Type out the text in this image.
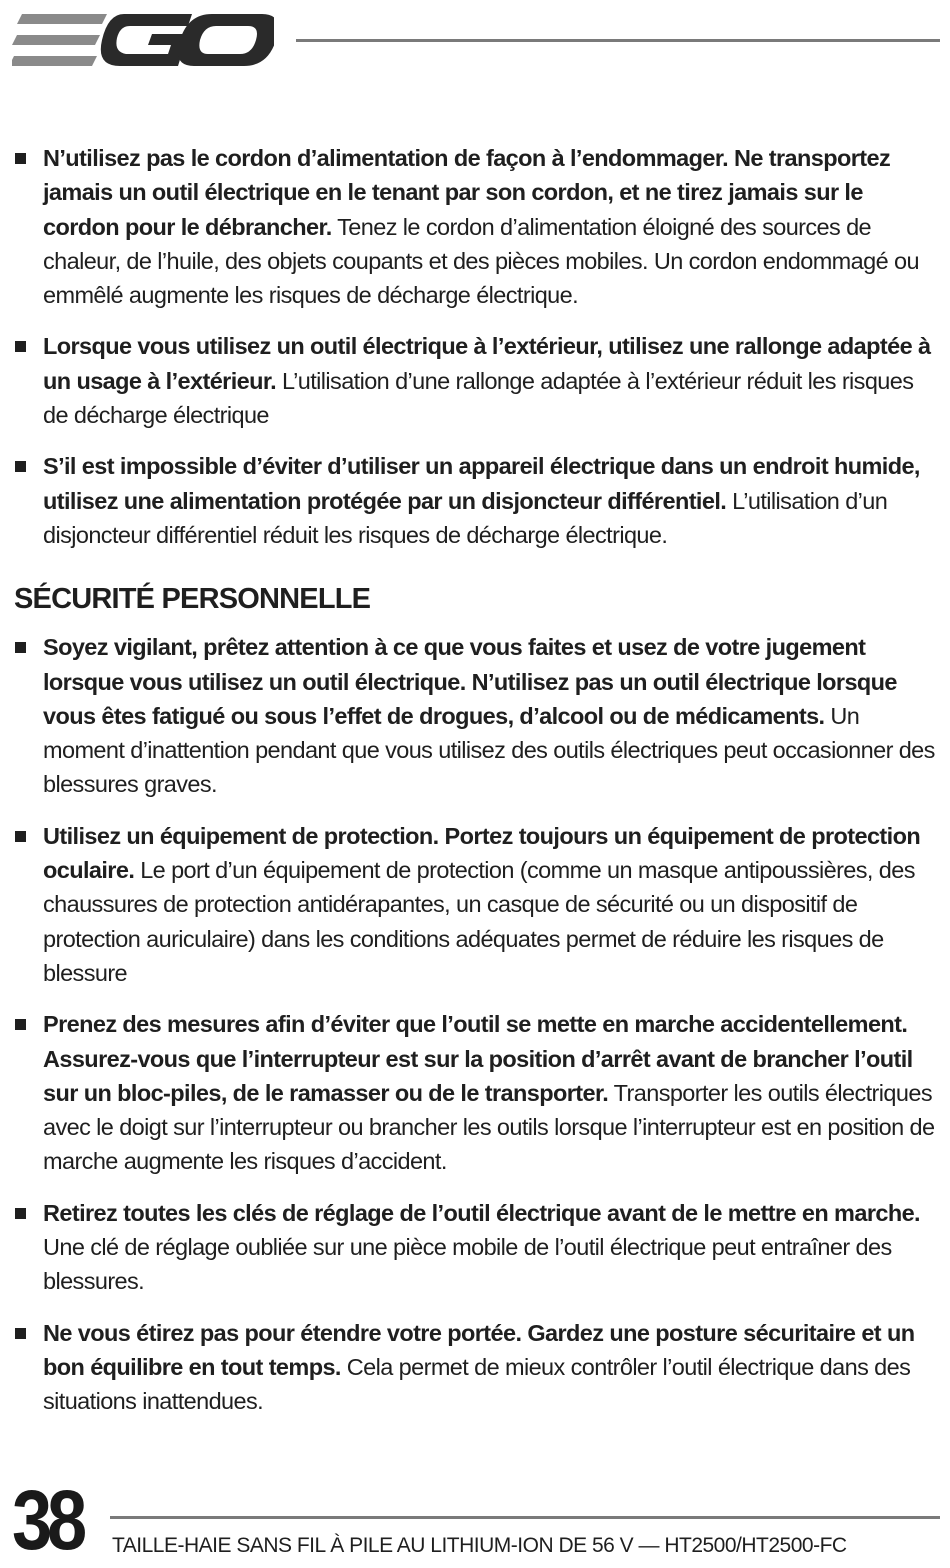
N’utilisez pas le cordon d’alimentation de façon à l’endommager. Ne transportez jamais un outil électrique en le tenant par son cordon, et ne tirez jamais sur le cordon pour le débrancher. Tenez le cordon d’alimentation éloigné des sources de chaleur, de l’huile, des objets coupants et des pièces mobiles. Un cordon endommagé ou emmêlé augmente les risques de décharge électrique.
Lorsque vous utilisez un outil électrique à l’extérieur, utilisez une rallonge adaptée à un usage à l’extérieur. L’utilisation d’une rallonge adaptée à l’extérieur réduit les risques de décharge électrique
S’il est impossible d’éviter d’utiliser un appareil électrique dans un endroit humide, utilisez une alimentation protégée par un disjoncteur différentiel. L’utilisation d’un disjoncteur différentiel réduit les risques de décharge électrique.
SÉCURITÉ PERSONNELLE
Soyez vigilant, prêtez attention à ce que vous faites et usez de votre jugement lorsque vous utilisez un outil électrique. N’utilisez pas un outil électrique lorsque vous êtes fatigué ou sous l’effet de drogues, d’alcool ou de médicaments. Un moment d’inattention pendant que vous utilisez des outils électriques peut occasionner des blessures graves.
Utilisez un équipement de protection. Portez toujours un équipement de protection oculaire. Le port d’un équipement de protection (comme un masque antipoussières, des chaussures de protection antidérapantes, un casque de sécurité ou un dispositif de protection auriculaire) dans les conditions adéquates permet de réduire les risques de blessure
Prenez des mesures afin d’éviter que l’outil se mette en marche accidentellement. Assurez-vous que l’interrupteur est sur la position d’arrêt avant de brancher l’outil sur un bloc-piles, de le ramasser ou de le transporter. Transporter les outils électriques avec le doigt sur l’interrupteur ou brancher les outils lorsque l’interrupteur est en position de marche augmente les risques d’accident.
Retirez toutes les clés de réglage de l’outil électrique avant de le mettre en marche. Une clé de réglage oubliée sur une pièce mobile de l’outil électrique peut entraîner des blessures.
Ne vous étirez pas pour étendre votre portée. Gardez une posture sécuritaire et un bon équilibre en tout temps. Cela permet de mieux contrôler l’outil électrique dans des situations inattendues.
38 TAILLE-HAIE SANS FIL À PILE AU LITHIUM-ION DE 56 V — HT2500/HT2500-FC
